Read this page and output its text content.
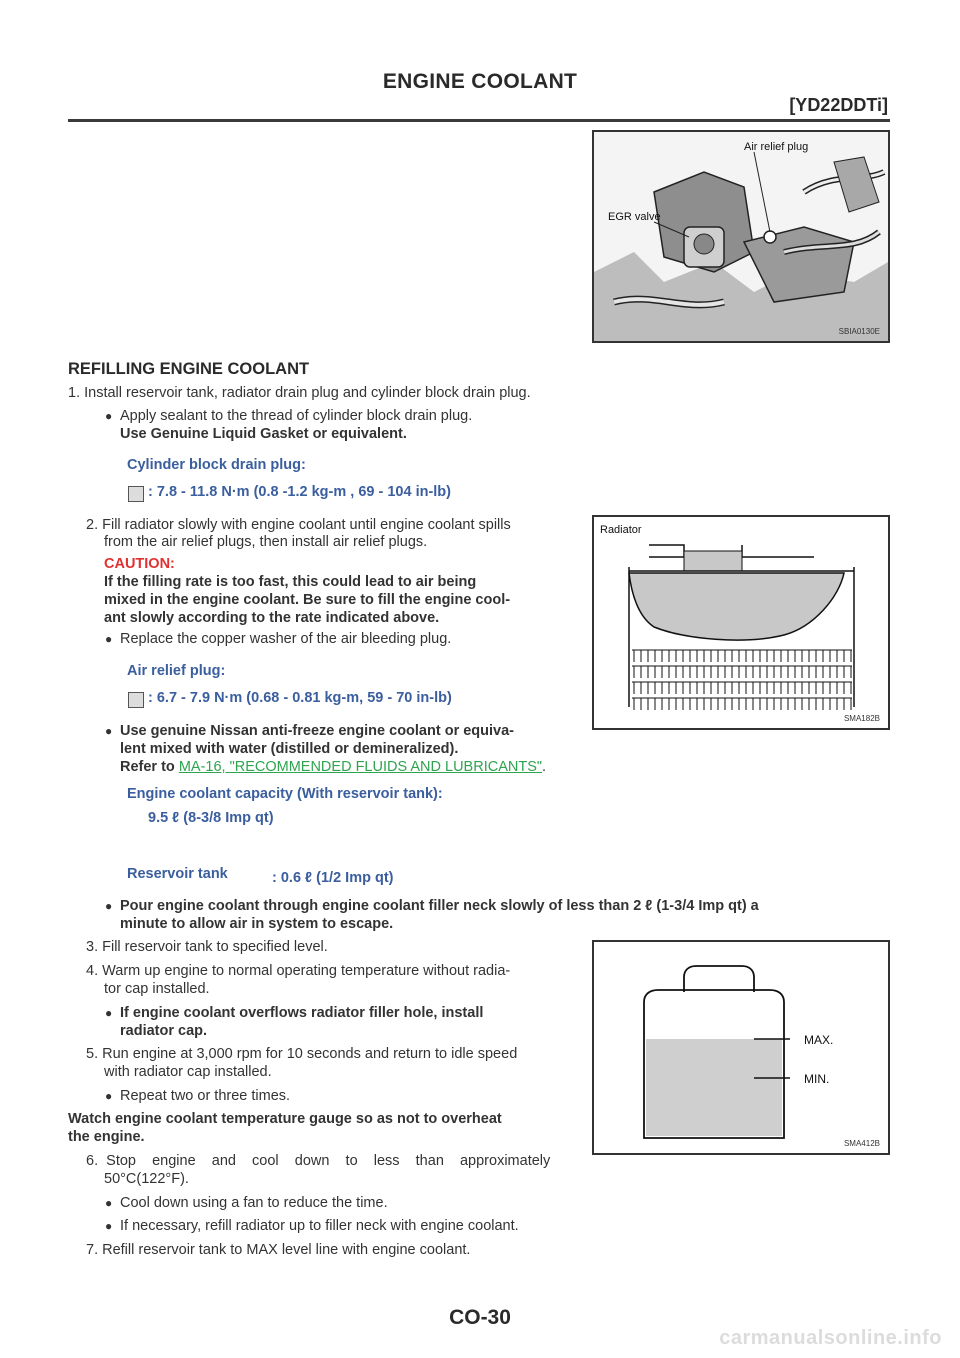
ENGINE COOLANT
[YD22DDTi]
Air relief plug
EGR valve
SBIA0130E
REFILLING ENGINE COOLANT
1. Install reservoir tank, radiator drain plug and cylinder block drain plug.
● Apply sealant to the thread of cylinder block drain plug.
Use Genuine Liquid Gasket or equivalent.
Cylinder block drain plug:
: 7.8 - 11.8 N·m (0.8 -1.2 kg-m , 69 - 104 in-lb)
2. Fill radiator slowly with engine coolant until engine coolant spills
from the air relief plugs, then install air relief plugs.
CAUTION:
If the filling rate is too fast, this could lead to air being
mixed in the engine coolant. Be sure to fill the engine cool-
ant slowly according to the rate indicated above.
● Replace the copper washer of the air bleeding plug.
Air relief plug:
: 6.7 - 7.9 N·m (0.68 - 0.81 kg-m, 59 - 70 in-lb)
● Use genuine Nissan anti-freeze engine coolant or equiva-
lent mixed with water (distilled or demineralized).
Refer to MA-16, "RECOMMENDED FLUIDS AND LUBRICANTS".
Engine coolant capacity (With reservoir tank):
9.5 ℓ (8-3/8 Imp qt)
Reservoir tank	: 0.6 ℓ (1/2 Imp qt)
● Pour engine coolant through engine coolant filler neck slowly of less than 2 ℓ (1-3/4 Imp qt) a
minute to allow air in system to escape.
3. Fill reservoir tank to specified level.
4. Warm up engine to normal operating temperature without radia-
tor cap installed.
● If engine coolant overflows radiator filler hole, install
radiator cap.
5. Run engine at 3,000 rpm for 10 seconds and return to idle speed
with radiator cap installed.
● Repeat two or three times.
Watch engine coolant temperature gauge so as not to overheat
the engine.
6.  Stop    engine    and    cool    down    to    less    than    approximately
50°C(122°F).
● Cool down using a fan to reduce the time.
● If necessary, refill radiator up to filler neck with engine coolant.
7. Refill reservoir tank to MAX level line with engine coolant.
Radiator
SMA182B
MAX.
MIN.
SMA412B
CO-30
carmanualsonline.info
